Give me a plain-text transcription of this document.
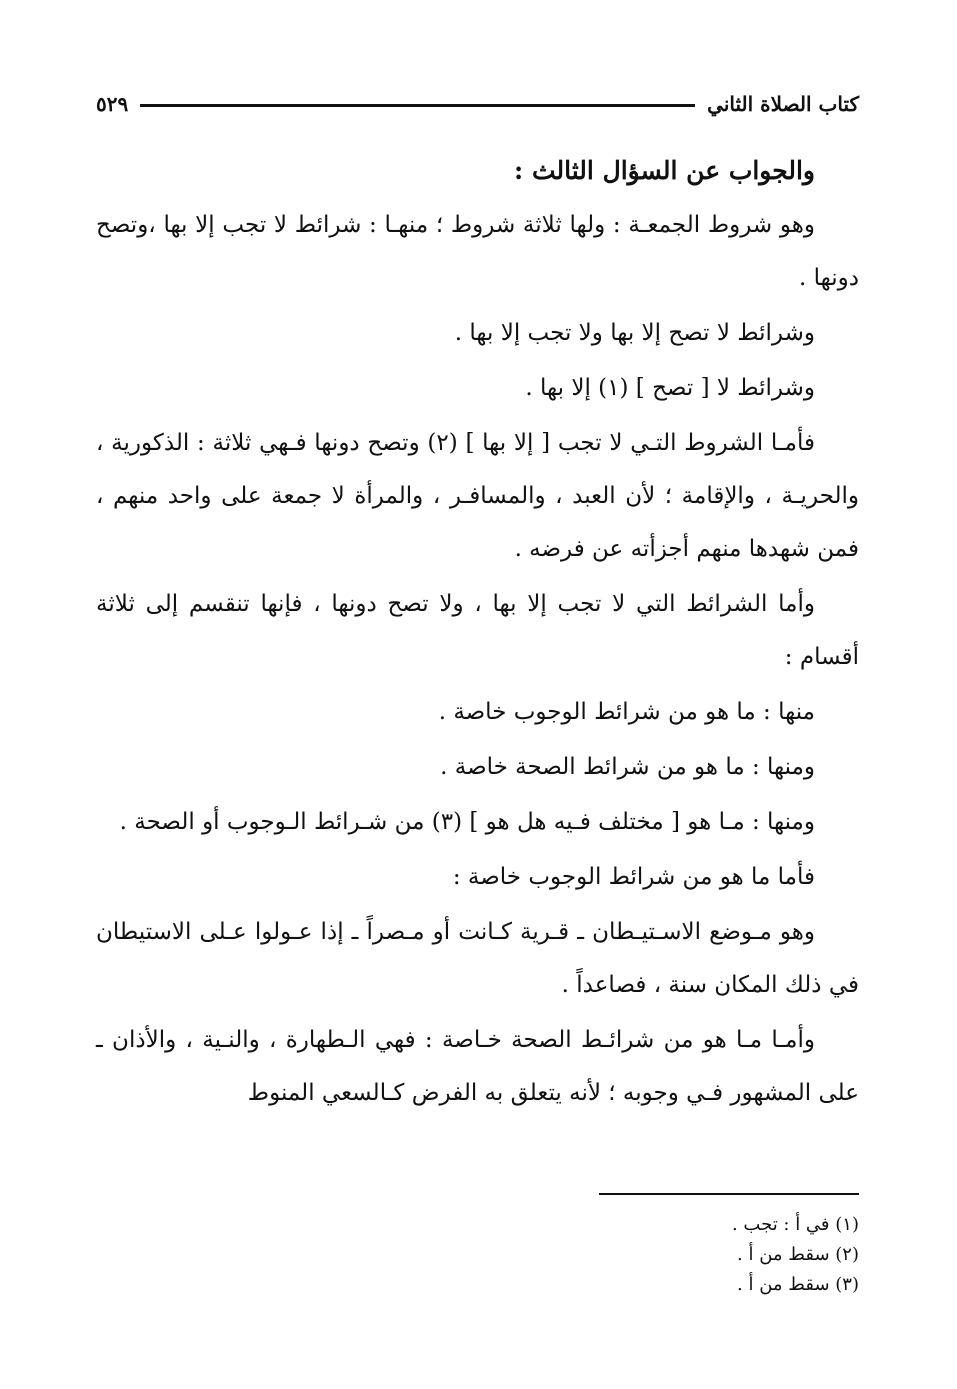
كتاب الصلاة الثاني
٥٢٩

والجواب عن السؤال الثالث :

وهو شروط الجمعـة : ولها ثلاثة شروط ؛ منهـا : شرائط لا تجب إلا بها ،وتصح دونها .

وشرائط لا تصح إلا بها ولا تجب إلا بها .

وشرائط لا [ تصح ] (١) إلا بها .

فأمـا الشروط التـي لا تجب [ إلا بها ] (٢) وتصح دونها فـهي ثلاثة : الذكورية ، والحريـة ، والإقامة ؛ لأن العبد ، والمسافـر ، والمرأة لا جمعة على واحد منهم ، فمن شهدها منهم أجزأته عن فرضه .

وأما الشرائط التي لا تجب إلا بها ، ولا تصح دونها ، فإنها تنقسم إلى ثلاثة أقسام :

منها : ما هو من شرائط الوجوب خاصة .

ومنها : ما هو من شرائط الصحة خاصة .

ومنها : مـا هو [ مختلف فـيه هل هو ] (٣) من شـرائط الـوجوب أو الصحة .

فأما ما هو من شرائط الوجوب خاصة :

وهو مـوضع الاسـتيـطان ـ قـرية كـانت أو مـصراً ـ إذا عـولوا عـلى الاستيطان في ذلك المكان سنة ، فصاعداً .

وأمـا مـا هو من شرائـط الصحة خـاصة : فهي الـطهارة ، والنـية ، والأذان ـ على المشهور فـي وجوبه ؛ لأنه يتعلق به الفرض كـالسعي المنوط

(١) في أ : تجب .

(٢) سقط من أ .

(٣) سقط من أ .
